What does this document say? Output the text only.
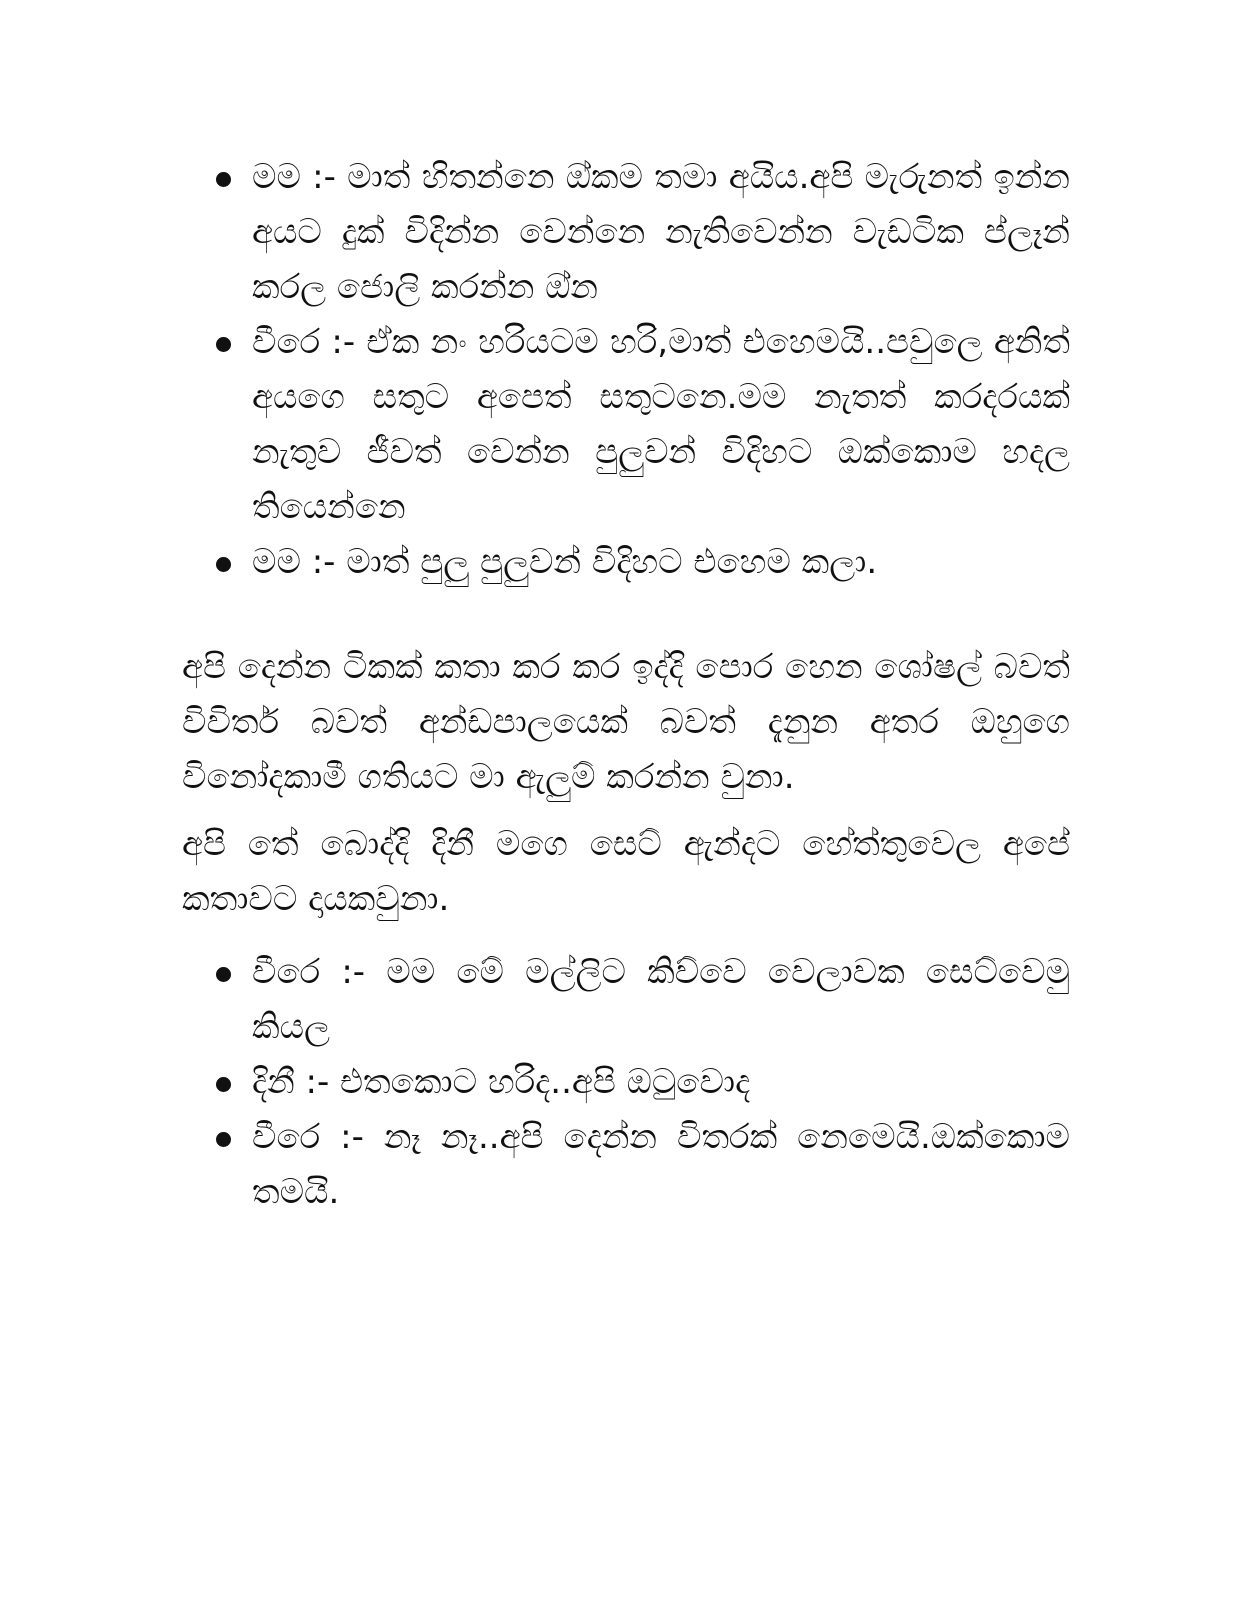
මම :- මාත් හිතන්නෙ ඔ්කම තමා අයිය.අපි මැරුනත් ඉන්න අයට දුක් විදින්න වෙන්නෙ නැතිවෙන්න වැඩටික ප්ලෑන් කරල ජොලි කරන්න ඔ්න
වීරෙ :- ඒක නං හරියටම හරි,මාත් එහෙමයි..පවුලෙ අනිත් අයගෙ සතුට අපෙත් සතුටනෙ.මම නැතත් කරදරයක් නැතුව ජීවත් වෙන්න පුලුවන් විදිහට ඔක්කොම හදල තියෙන්නෙ
මම :- මාත් පුලු පුලුවන් විදිහට එහෙම කලා.

අපි දෙන්න ටිකක් කතා කර කර ඉද්දි පොර හෙන ශෝෂල් බවත් විවිර්ත බවත් අන්ඩපාලයෙක් බවත් දැනුන අතර ඔහුගෙ විනෝදකාමී ගතියට මා ඇලුම් කරන්න වුනා.

අපි තේ බොද්දි දිනී මගෙ සෙට් ඇන්දට හේත්තුවෙල අපේ කතාවට දායකවුනා.

වීරෙ :- මම මේ මල්ලිට කිව්වෙ වෙලාවක සෙට්වෙමු කියල
දිනී :- එතකොට හරිද..අපි ඔටුවොද
වීරෙ :- නෑ නෑ..අපි දෙන්න විතරක් නෙමෙයි.ඔක්කොම තමයි.
